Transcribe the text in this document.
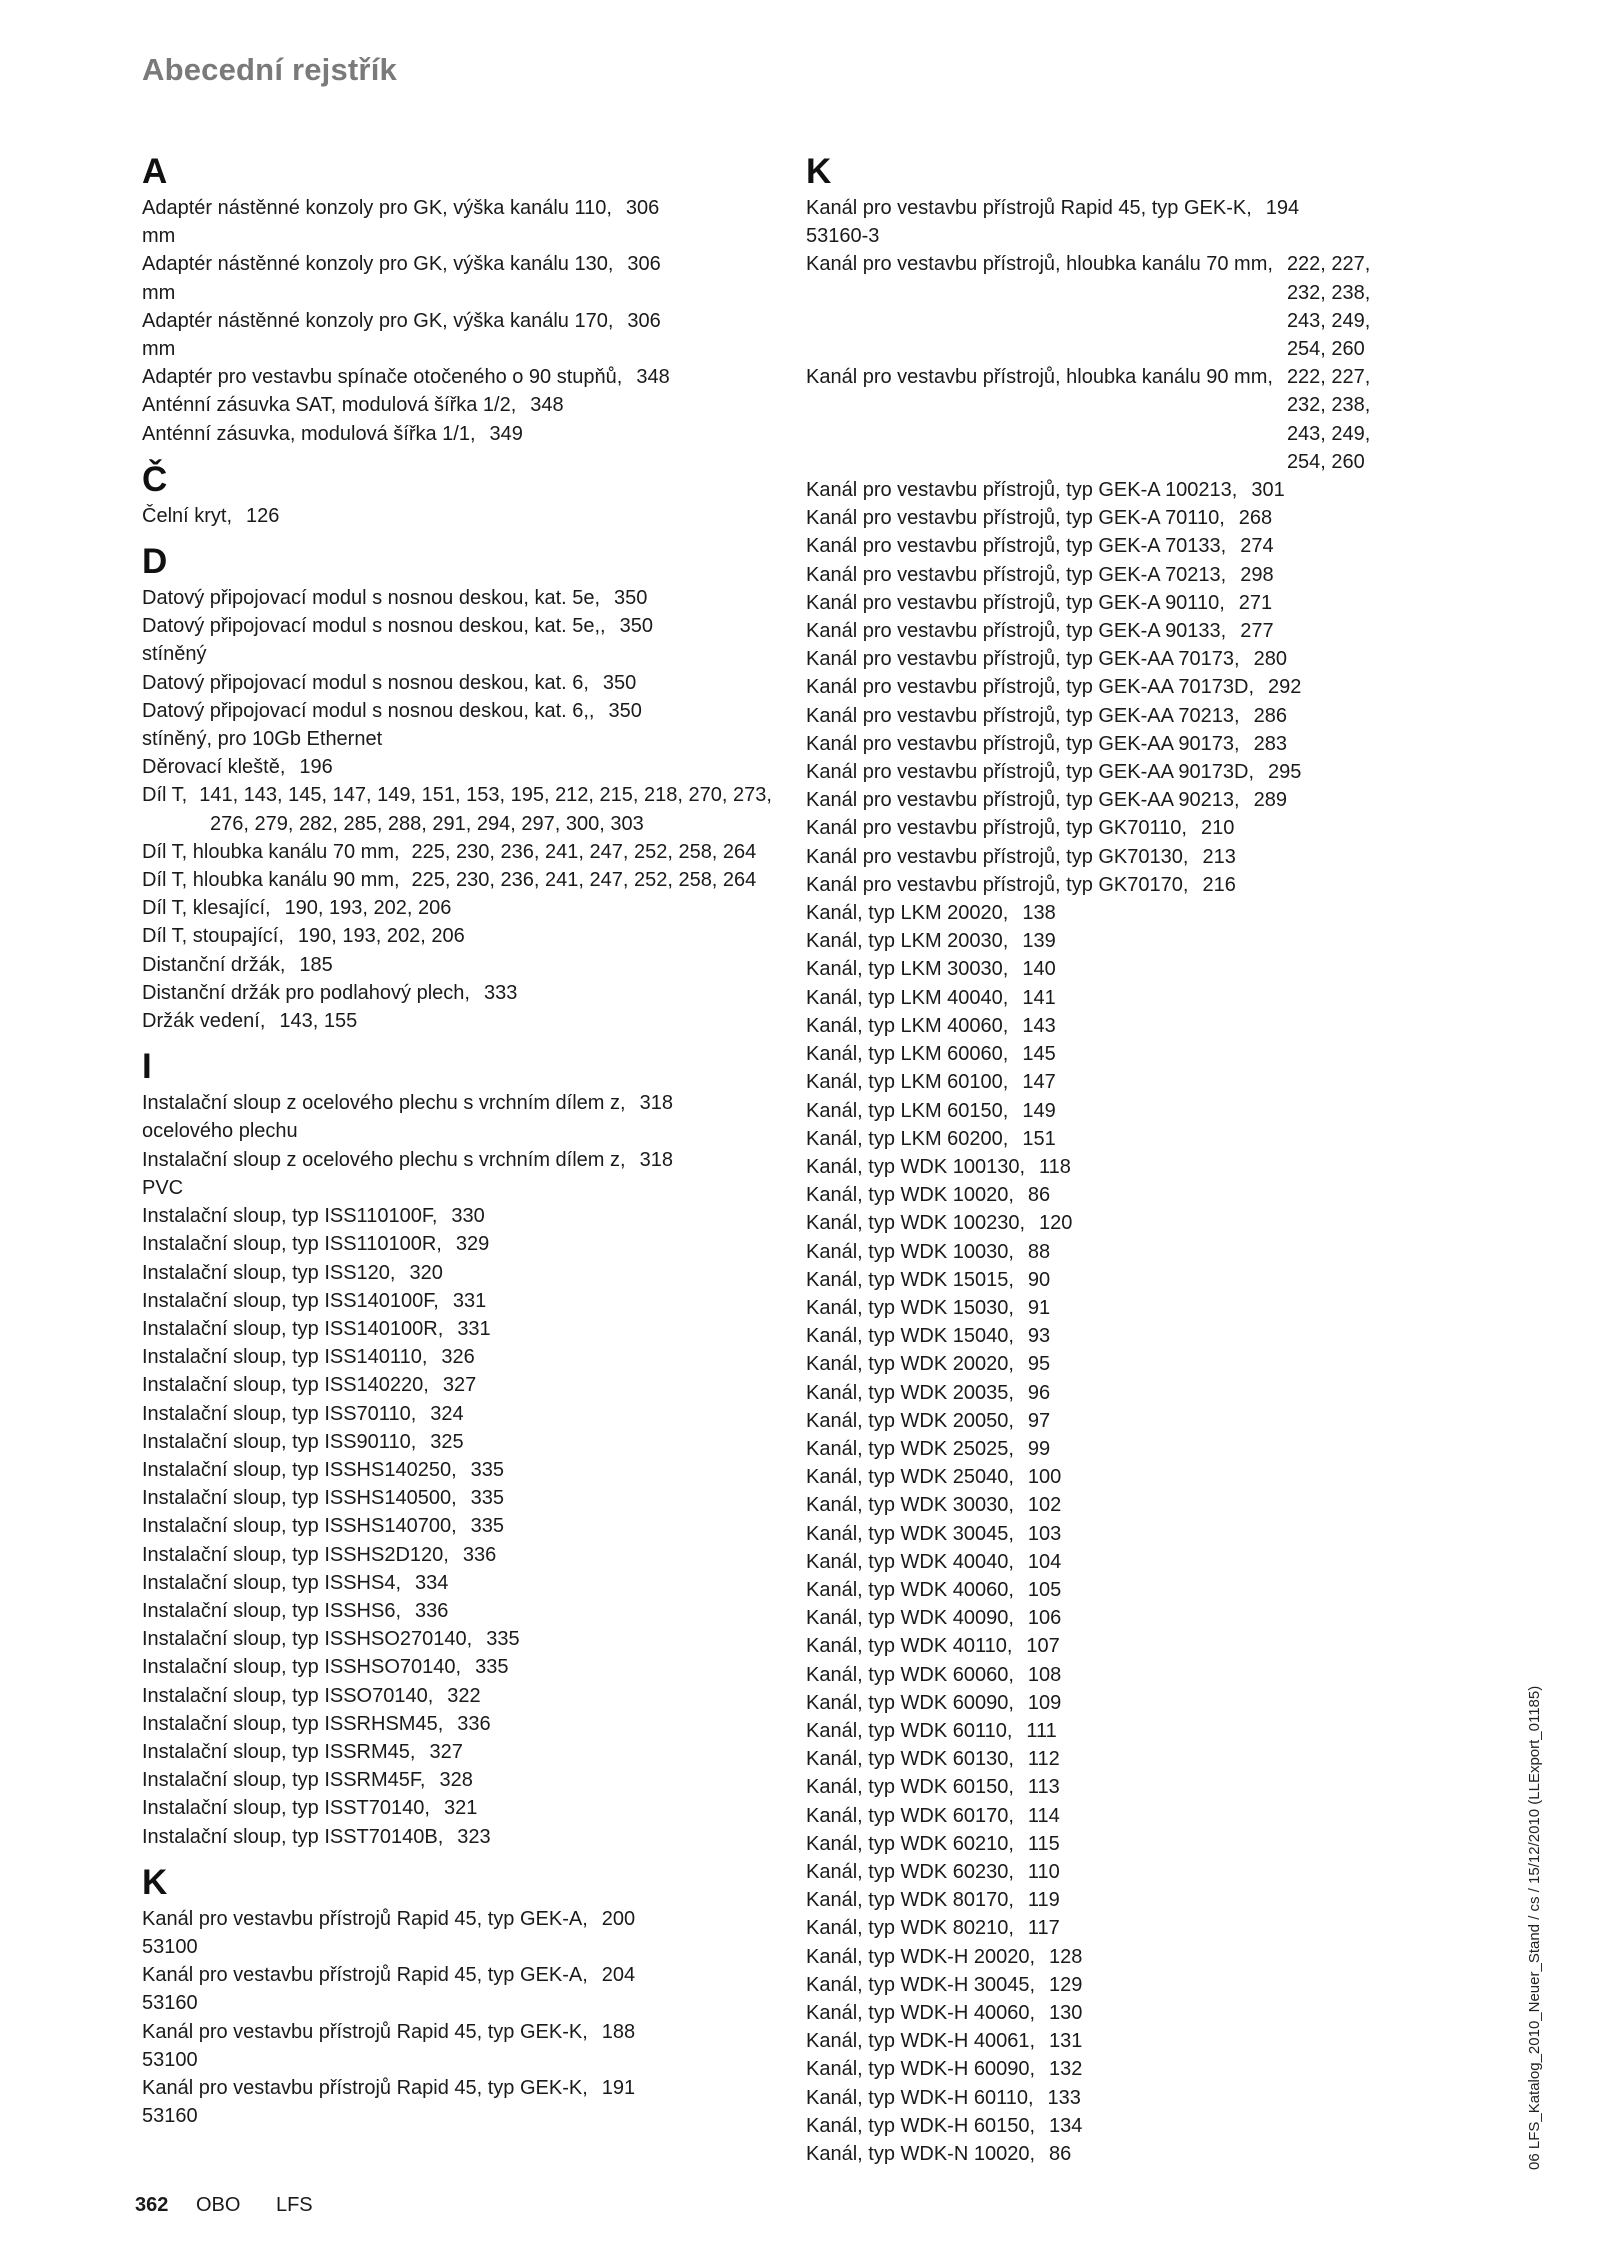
Abecední rejstřík
A
Adaptér nástěnné konzoly pro GK, výška kanálu 110, 306
mm
Adaptér nástěnné konzoly pro GK, výška kanálu 130, 306
mm
Adaptér nástěnné konzoly pro GK, výška kanálu 170, 306
mm
Adaptér pro vestavbu spínače otočeného o 90 stupňů, 348
Anténní zásuvka SAT, modulová šířka 1/2, 348
Anténní zásuvka, modulová šířka 1/1, 349
Č
Čelní kryt, 126
D
Datový připojovací modul s nosnou deskou, kat. 5e, 350
Datový připojovací modul s nosnou deskou, kat. 5e,, 350
stíněný
Datový připojovací modul s nosnou deskou, kat. 6, 350
Datový připojovací modul s nosnou deskou, kat. 6,, 350
stíněný, pro 10Gb Ethernet
Děrovací kleště, 196
Díl T, 141, 143, 145, 147, 149, 151, 153, 195, 212, 215, 218, 270, 273, 276, 279, 282, 285, 288, 291, 294, 297, 300, 303
Díl T, hloubka kanálu 70 mm, 225, 230, 236, 241, 247, 252, 258, 264
Díl T, hloubka kanálu 90 mm, 225, 230, 236, 241, 247, 252, 258, 264
Díl T, klesající, 190, 193, 202, 206
Díl T, stoupající, 190, 193, 202, 206
Distanční držák, 185
Distanční držák pro podlahový plech, 333
Držák vedení, 143, 155
I
Instalační sloup z ocelového plechu s vrchním dílem z, 318
ocelového plechu
Instalační sloup z ocelového plechu s vrchním dílem z, 318
PVC
Instalační sloup, typ ISS110100F, 330
Instalační sloup, typ ISS110100R, 329
Instalační sloup, typ ISS120, 320
Instalační sloup, typ ISS140100F, 331
Instalační sloup, typ ISS140100R, 331
Instalační sloup, typ ISS140110, 326
Instalační sloup, typ ISS140220, 327
Instalační sloup, typ ISS70110, 324
Instalační sloup, typ ISS90110, 325
Instalační sloup, typ ISSHS140250, 335
Instalační sloup, typ ISSHS140500, 335
Instalační sloup, typ ISSHS140700, 335
Instalační sloup, typ ISSHS2D120, 336
Instalační sloup, typ ISSHS4, 334
Instalační sloup, typ ISSHS6, 336
Instalační sloup, typ ISSHSO270140, 335
Instalační sloup, typ ISSHSO70140, 335
Instalační sloup, typ ISSO70140, 322
Instalační sloup, typ ISSRHSM45, 336
Instalační sloup, typ ISSRM45, 327
Instalační sloup, typ ISSRM45F, 328
Instalační sloup, typ ISST70140, 321
Instalační sloup, typ ISST70140B, 323
K
Kanál pro vestavbu přístrojů Rapid 45, typ GEK-A, 200
53100
Kanál pro vestavbu přístrojů Rapid 45, typ GEK-A, 204
53160
Kanál pro vestavbu přístrojů Rapid 45, typ GEK-K, 188
53100
Kanál pro vestavbu přístrojů Rapid 45, typ GEK-K, 191
53160
K
Kanál pro vestavbu přístrojů Rapid 45, typ GEK-K, 194
53160-3
Kanál pro vestavbu přístrojů, hloubka kanálu 70 mm, 222, 227,
232, 238,
243, 249,
254, 260
Kanál pro vestavbu přístrojů, hloubka kanálu 90 mm, 222, 227,
232, 238,
243, 249,
254, 260
Kanál pro vestavbu přístrojů, typ GEK-A 100213, 301
Kanál pro vestavbu přístrojů, typ GEK-A 70110, 268
Kanál pro vestavbu přístrojů, typ GEK-A 70133, 274
Kanál pro vestavbu přístrojů, typ GEK-A 70213, 298
Kanál pro vestavbu přístrojů, typ GEK-A 90110, 271
Kanál pro vestavbu přístrojů, typ GEK-A 90133, 277
Kanál pro vestavbu přístrojů, typ GEK-AA 70173, 280
Kanál pro vestavbu přístrojů, typ GEK-AA 70173D, 292
Kanál pro vestavbu přístrojů, typ GEK-AA 70213, 286
Kanál pro vestavbu přístrojů, typ GEK-AA 90173, 283
Kanál pro vestavbu přístrojů, typ GEK-AA 90173D, 295
Kanál pro vestavbu přístrojů, typ GEK-AA 90213, 289
Kanál pro vestavbu přístrojů, typ GK70110, 210
Kanál pro vestavbu přístrojů, typ GK70130, 213
Kanál pro vestavbu přístrojů, typ GK70170, 216
Kanál, typ LKM 20020, 138
Kanál, typ LKM 20030, 139
Kanál, typ LKM 30030, 140
Kanál, typ LKM 40040, 141
Kanál, typ LKM 40060, 143
Kanál, typ LKM 60060, 145
Kanál, typ LKM 60100, 147
Kanál, typ LKM 60150, 149
Kanál, typ LKM 60200, 151
Kanál, typ WDK 100130, 118
Kanál, typ WDK 10020, 86
Kanál, typ WDK 100230, 120
Kanál, typ WDK 10030, 88
Kanál, typ WDK 15015, 90
Kanál, typ WDK 15030, 91
Kanál, typ WDK 15040, 93
Kanál, typ WDK 20020, 95
Kanál, typ WDK 20035, 96
Kanál, typ WDK 20050, 97
Kanál, typ WDK 25025, 99
Kanál, typ WDK 25040, 100
Kanál, typ WDK 30030, 102
Kanál, typ WDK 30045, 103
Kanál, typ WDK 40040, 104
Kanál, typ WDK 40060, 105
Kanál, typ WDK 40090, 106
Kanál, typ WDK 40110, 107
Kanál, typ WDK 60060, 108
Kanál, typ WDK 60090, 109
Kanál, typ WDK 60110, 111
Kanál, typ WDK 60130, 112
Kanál, typ WDK 60150, 113
Kanál, typ WDK 60170, 114
Kanál, typ WDK 60210, 115
Kanál, typ WDK 60230, 110
Kanál, typ WDK 80170, 119
Kanál, typ WDK 80210, 117
Kanál, typ WDK-H 20020, 128
Kanál, typ WDK-H 30045, 129
Kanál, typ WDK-H 40060, 130
Kanál, typ WDK-H 40061, 131
Kanál, typ WDK-H 60090, 132
Kanál, typ WDK-H 60110, 133
Kanál, typ WDK-H 60150, 134
Kanál, typ WDK-N 10020, 86
362 OBO LFS
06 LFS_Katalog_2010_Neuer_Stand / cs / 15/12/2010 (LLExport_01185)
